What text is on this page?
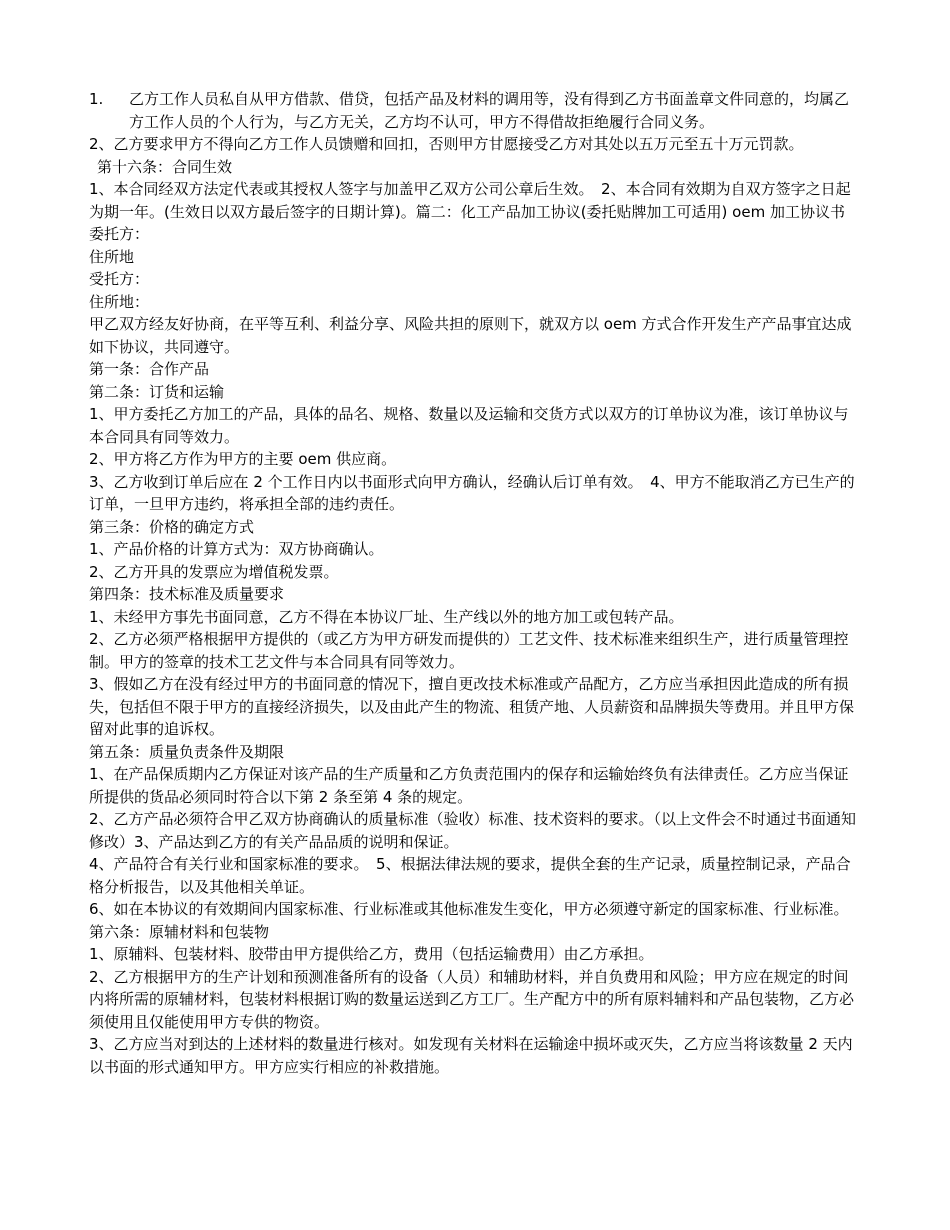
1.	乙方工作人员私自从甲方借款、借贷，包括产品及材料的调用等，没有得到乙方书面盖章文件同意的，均属乙方工作人员的个人行为，与乙方无关，乙方均不认可，甲方不得借故拒绝履行合同义务。

2、乙方要求甲方不得向乙方工作人员馈赠和回扣，否则甲方甘愿接受乙方对其处以五万元至五十万元罚款。

第十六条：合同生效

1、本合同经双方法定代表或其授权人签字与加盖甲乙双方公司公章后生效。　2、本合同有效期为自双方签字之日起为期一年。(生效日以双方最后签字的日期计算)。篇二：化工产品加工协议(委托贴牌加工可适用) oem 加工协议书

委托方：

住所地

受托方：

住所地：

甲乙双方经友好协商，在平等互利、利益分享、风险共担的原则下，就双方以 oem 方式合作开发生产产品事宜达成如下协议，共同遵守。

第一条：合作产品

第二条：订货和运输

1、甲方委托乙方加工的产品，具体的品名、规格、数量以及运输和交货方式以双方的订单协议为准，该订单协议与本合同具有同等效力。

2、甲方将乙方作为甲方的主要 oem 供应商。

3、乙方收到订单后应在 2 个工作日内以书面形式向甲方确认，经确认后订单有效。　4、甲方不能取消乙方已生产的订单，一旦甲方违约，将承担全部的违约责任。

第三条：价格的确定方式

1、产品价格的计算方式为：双方协商确认。

2、乙方开具的发票应为增值税发票。

第四条：技术标准及质量要求

1、未经甲方事先书面同意，乙方不得在本协议厂址、生产线以外的地方加工或包转产品。

2、乙方必须严格根据甲方提供的（或乙方为甲方研发而提供的）工艺文件、技术标准来组织生产，进行质量管理控制。甲方的签章的技术工艺文件与本合同具有同等效力。

3、假如乙方在没有经过甲方的书面同意的情况下，擅自更改技术标准或产品配方，乙方应当承担因此造成的所有损失，包括但不限于甲方的直接经济损失，以及由此产生的物流、租赁产地、人员薪资和品牌损失等费用。并且甲方保留对此事的追诉权。

第五条：质量负责条件及期限

1、在产品保质期内乙方保证对该产品的生产质量和乙方负责范围内的保存和运输始终负有法律责任。乙方应当保证所提供的货品必须同时符合以下第 2 条至第 4 条的规定。

2、乙方产品必须符合甲乙双方协商确认的质量标准（验收）标准、技术资料的要求。（以上文件会不时通过书面通知修改）3、产品达到乙方的有关产品品质的说明和保证。

4、产品符合有关行业和国家标准的要求。　5、根据法律法规的要求，提供全套的生产记录，质量控制记录，产品合格分析报告，以及其他相关单证。

6、如在本协议的有效期间内国家标准、行业标准或其他标准发生变化，甲方必须遵守新定的国家标准、行业标准。

第六条：原辅材料和包装物

1、原辅料、包装材料、胶带由甲方提供给乙方，费用（包括运输费用）由乙方承担。

2、乙方根据甲方的生产计划和预测准备所有的设备（人员）和辅助材料，并自负费用和风险；甲方应在规定的时间内将所需的原辅材料，包装材料根据订购的数量运送到乙方工厂。生产配方中的所有原料辅料和产品包装物，乙方必须使用且仅能使用甲方专供的物资。

3、乙方应当对到达的上述材料的数量进行核对。如发现有关材料在运输途中损坏或灭失，乙方应当将该数量 2 天内以书面的形式通知甲方。甲方应实行相应的补救措施。
